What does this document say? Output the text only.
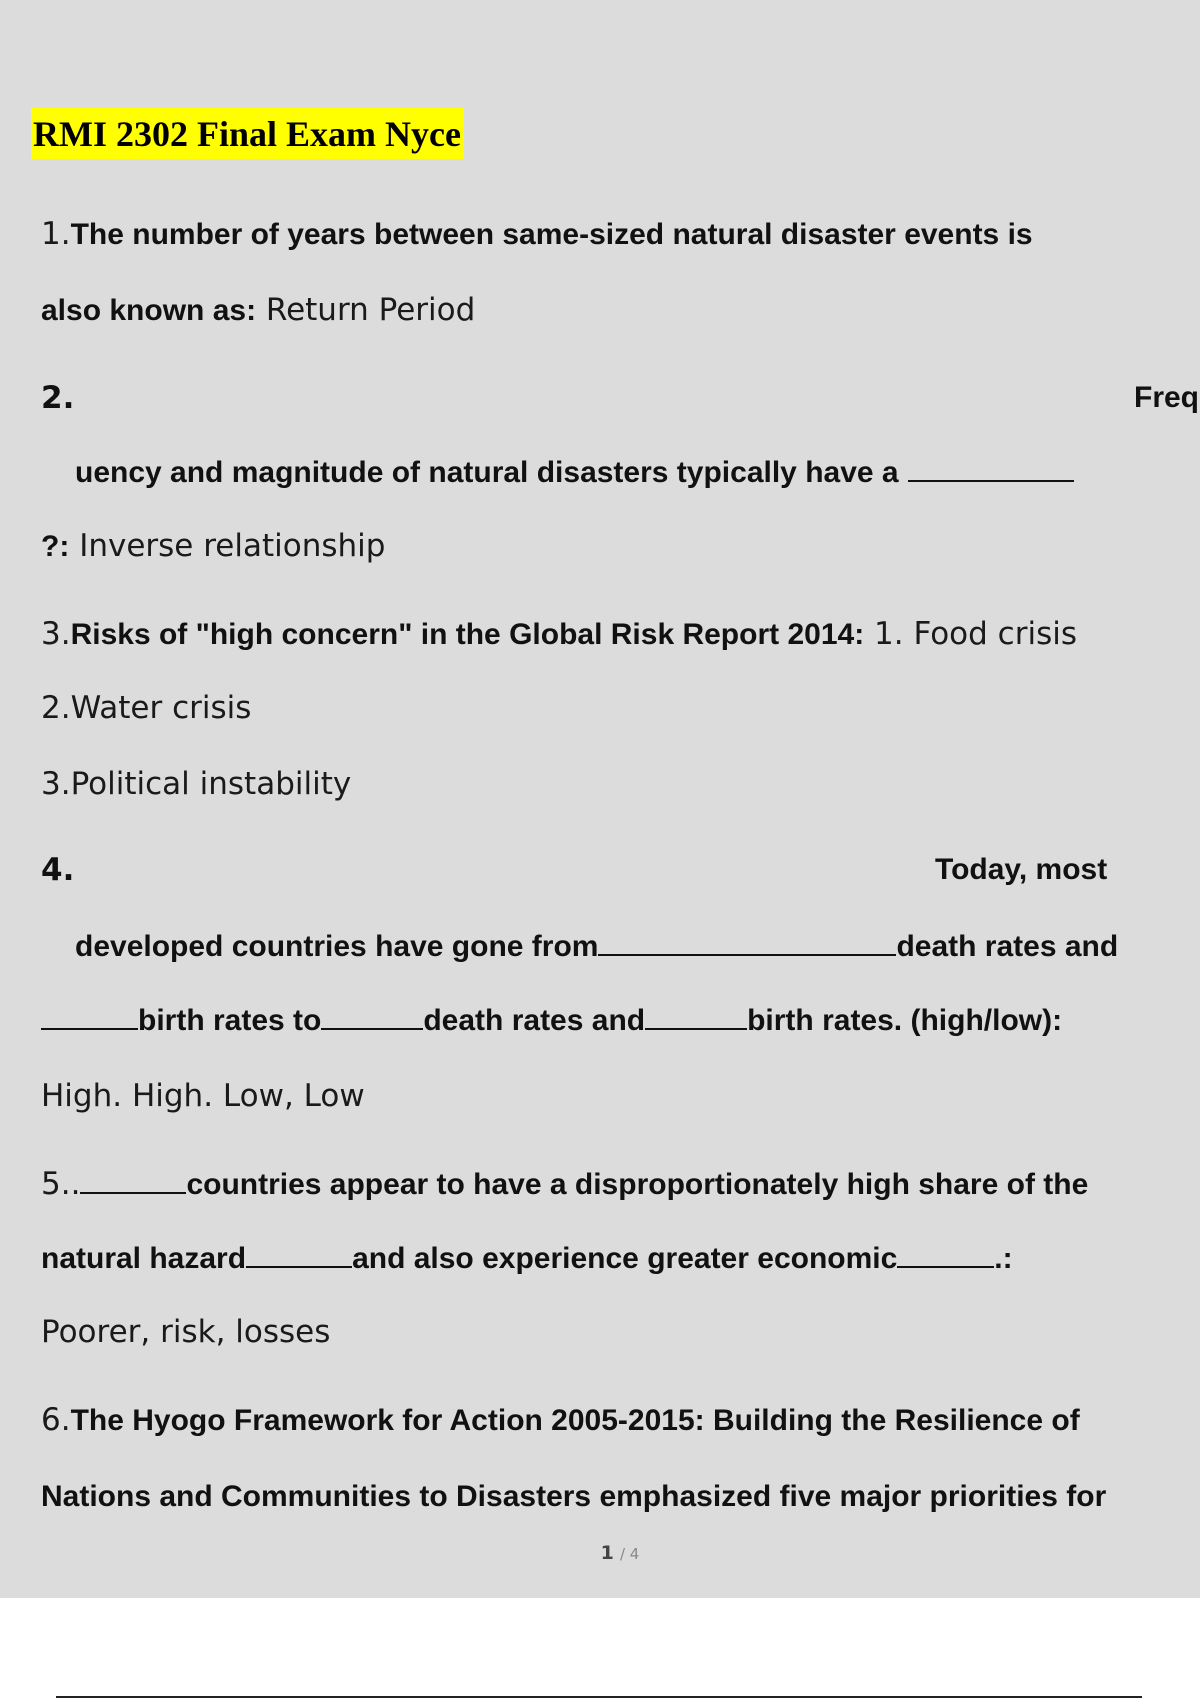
RMI 2302 Final Exam Nyce
1.The number of years between same-sized natural disaster events is
also known as: Return Period
2.	Freq
uency and magnitude of natural disasters typically have a
?: Inverse relationship
3.Risks of "high concern" in the Global Risk Report 2014: 1. Food crisis
2.Water crisis
3.Political instability
4.	Today, most
developed countries have gone from	death rates and
birth rates to	death rates and	birth rates. (high/low):
High. High. Low, Low
5..	countries appear to have a disproportionately high share of the
natural hazard	and also experience greater economic	.:
Poorer, risk, losses
6.The Hyogo Framework for Action 2005-2015: Building the Resilience of
Nations and Communities to Disasters emphasized five major priorities for
1 / 4
